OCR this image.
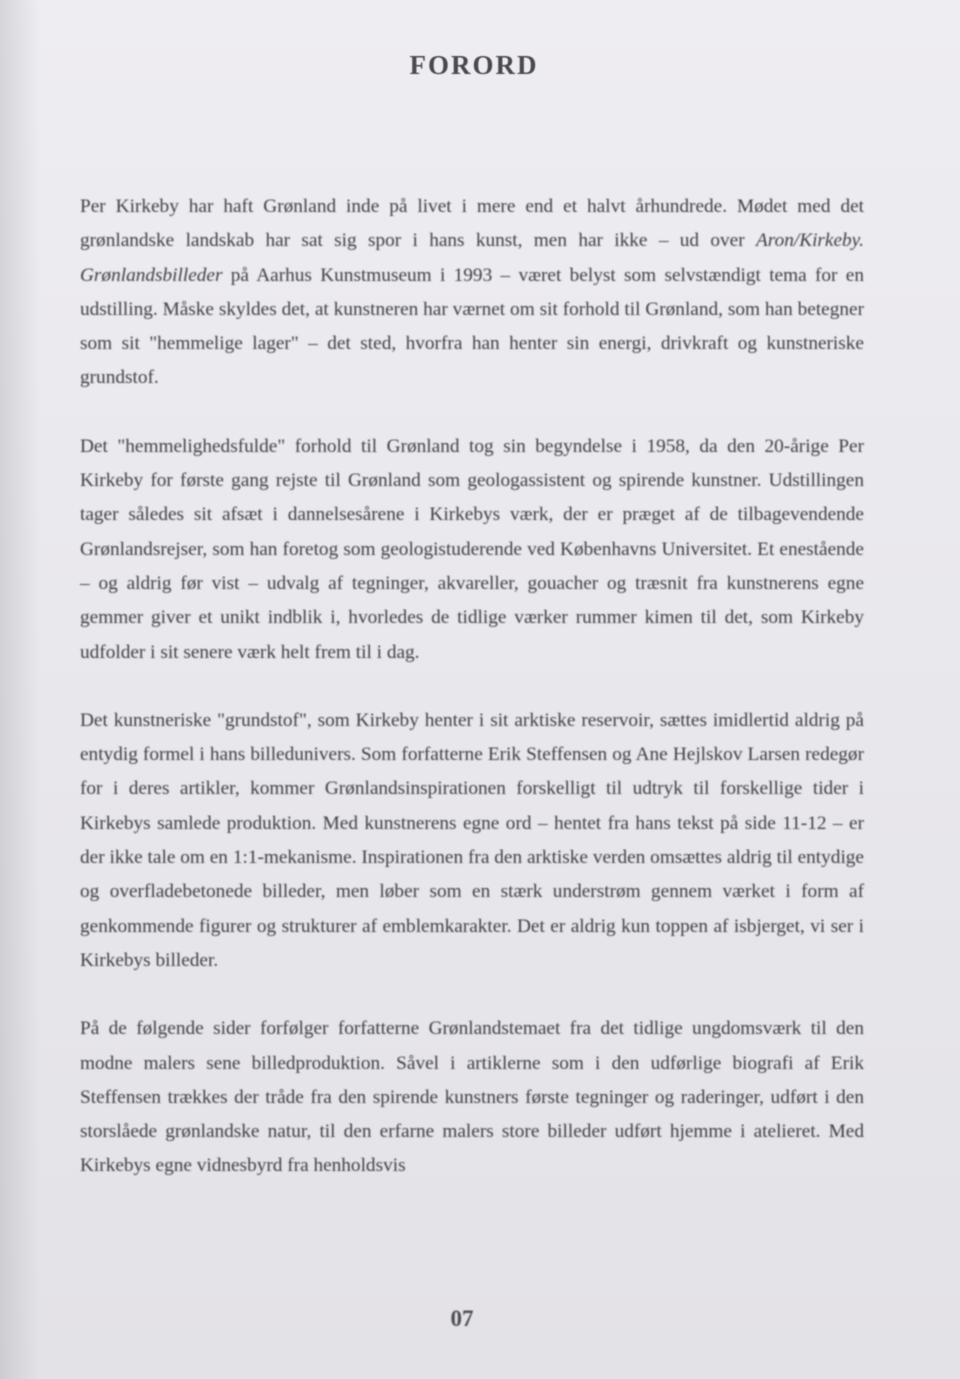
FORORD

Per Kirkeby har haft Grønland inde på livet i mere end et halvt århundrede. Mødet med det grønlandske landskab har sat sig spor i hans kunst, men har ikke – ud over Aron/Kirkeby. Grønlandsbilleder på Aarhus Kunstmuseum i 1993 – været belyst som selvstændigt tema for en udstilling. Måske skyldes det, at kunstneren har værnet om sit forhold til Grønland, som han betegner som sit "hemmelige lager" – det sted, hvorfra han henter sin energi, drivkraft og kunstneriske grundstof.

Det "hemmelighedsfulde" forhold til Grønland tog sin begyndelse i 1958, da den 20-årige Per Kirkeby for første gang rejste til Grønland som geologassistent og spirende kunstner. Udstillingen tager således sit afsæt i dannelsesårene i Kirkebys værk, der er præget af de tilbagevendende Grønlandsrejser, som han foretog som geologistuderende ved Københavns Universitet. Et enestående – og aldrig før vist – udvalg af tegninger, akvareller, gouacher og træsnit fra kunstnerens egne gemmer giver et unikt indblik i, hvorledes de tidlige værker rummer kimen til det, som Kirkeby udfolder i sit senere værk helt frem til i dag.

Det kunstneriske "grundstof", som Kirkeby henter i sit arktiske reservoir, sættes imidlertid aldrig på entydig formel i hans billedunivers. Som forfatterne Erik Steffensen og Ane Hejlskov Larsen redegør for i deres artikler, kommer Grønlandsinspirationen forskelligt til udtryk til forskellige tider i Kirkebys samlede produktion. Med kunstnerens egne ord – hentet fra hans tekst på side 11-12 – er der ikke tale om en 1:1-mekanisme. Inspirationen fra den arktiske verden omsættes aldrig til entydige og overfladebetonede billeder, men løber som en stærk understrøm gennem værket i form af genkommende figurer og strukturer af emblemkarakter. Det er aldrig kun toppen af isbjerget, vi ser i Kirkebys billeder.

På de følgende sider forfølger forfatterne Grønlandstemaet fra det tidlige ungdomsværk til den modne malers sene billedproduktion. Såvel i artiklerne som i den udførlige biografi af Erik Steffensen trækkes der tråde fra den spirende kunstners første tegninger og raderinger, udført i den storslåede grønlandske natur, til den erfarne malers store billeder udført hjemme i atelieret. Med Kirkebys egne vidnesbyrd fra henholdsvis

07
